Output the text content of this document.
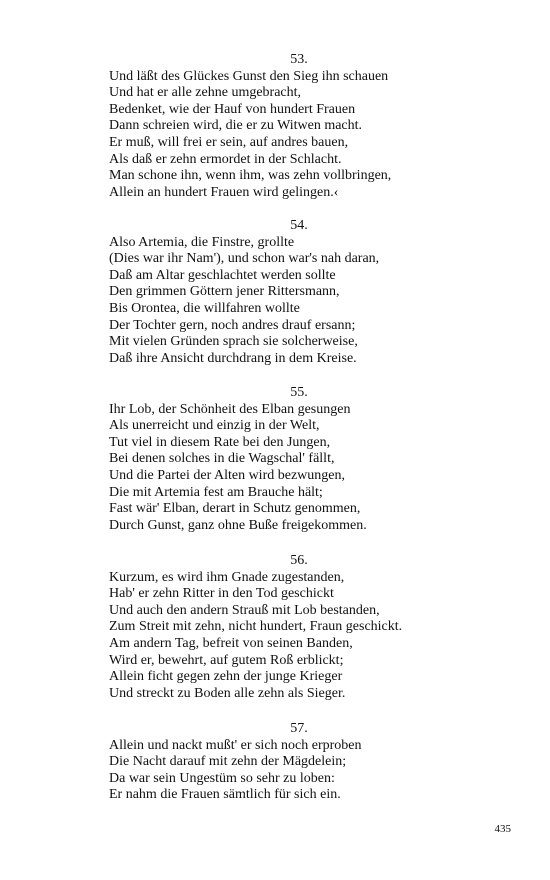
53.
Und läßt des Glückes Gunst den Sieg ihn schauen
Und hat er alle zehne umgebracht,
Bedenket, wie der Hauf von hundert Frauen
Dann schreien wird, die er zu Witwen macht.
Er muß, will frei er sein, auf andres bauen,
Als daß er zehn ermordet in der Schlacht.
Man schone ihn, wenn ihm, was zehn vollbringen,
Allein an hundert Frauen wird gelingen.‹
54.
Also Artemia, die Finstre, grollte
(Dies war ihr Nam'), und schon war's nah daran,
Daß am Altar geschlachtet werden sollte
Den grimmen Göttern jener Rittersmann,
Bis Orontea, die willfahren wollte
Der Tochter gern, noch andres drauf ersann;
Mit vielen Gründen sprach sie solcherweise,
Daß ihre Ansicht durchdrang in dem Kreise.
55.
Ihr Lob, der Schönheit des Elban gesungen
Als unerreicht und einzig in der Welt,
Tut viel in diesem Rate bei den Jungen,
Bei denen solches in die Wagschal' fällt,
Und die Partei der Alten wird bezwungen,
Die mit Artemia fest am Brauche hält;
Fast wär' Elban, derart in Schutz genommen,
Durch Gunst, ganz ohne Buße freigekommen.
56.
Kurzum, es wird ihm Gnade zugestanden,
Hab' er zehn Ritter in den Tod geschickt
Und auch den andern Strauß mit Lob bestanden,
Zum Streit mit zehn, nicht hundert, Fraun geschickt.
Am andern Tag, befreit von seinen Banden,
Wird er, bewehrt, auf gutem Roß erblickt;
Allein ficht gegen zehn der junge Krieger
Und streckt zu Boden alle zehn als Sieger.
57.
Allein und nackt mußt' er sich noch erproben
Die Nacht darauf mit zehn der Mägdelein;
Da war sein Ungestüm so sehr zu loben:
Er nahm die Frauen sämtlich für sich ein.
435
